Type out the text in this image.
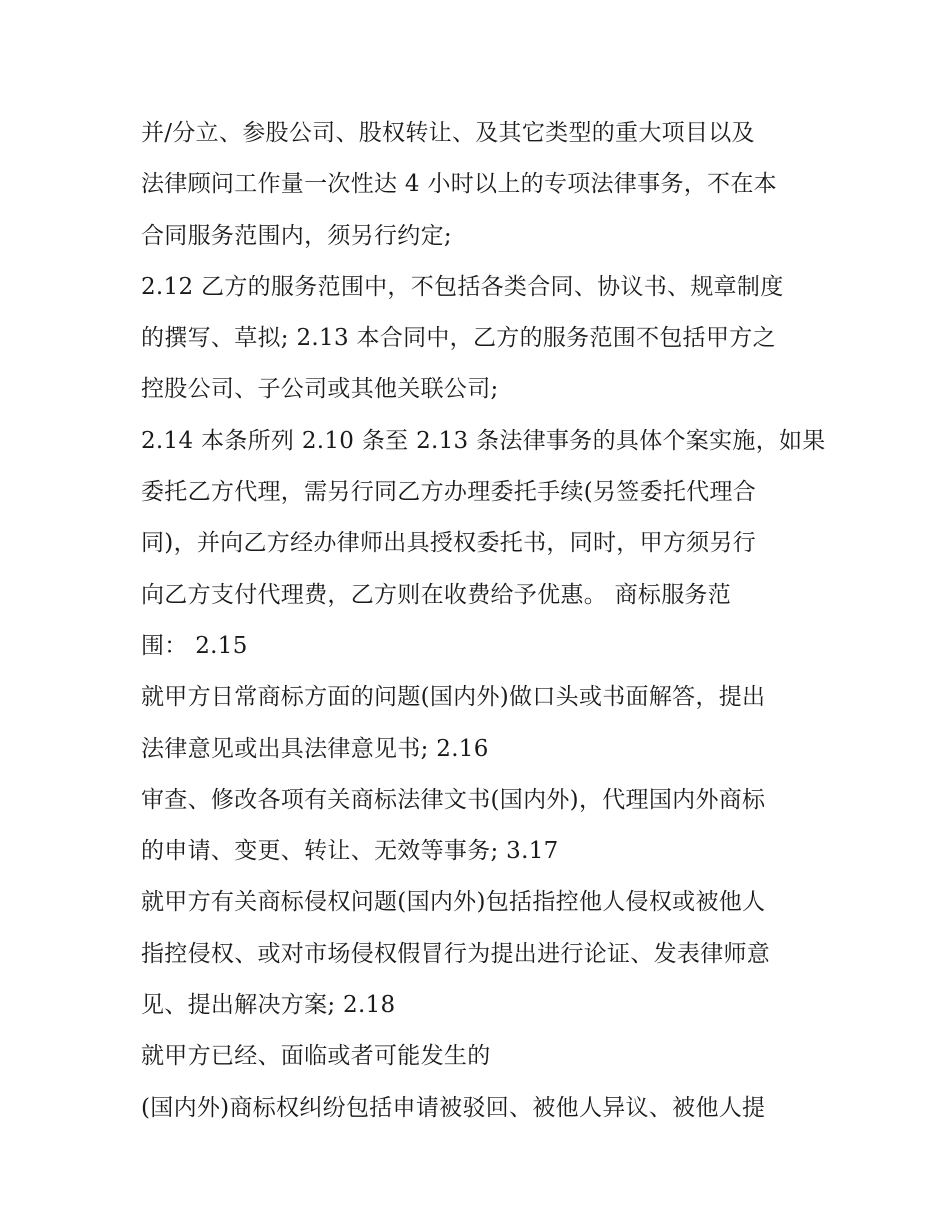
并/分立、参股公司、股权转让、及其它类型的重大项目以及
法律顾问工作量一次性达 4 小时以上的专项法律事务，不在本
合同服务范围内，须另行约定;
2.12 乙方的服务范围中，不包括各类合同、协议书、规章制度
的撰写、草拟; 2.13 本合同中，乙方的服务范围不包括甲方之
控股公司、子公司或其他关联公司;
2.14 本条所列 2.10 条至 2.13 条法律事务的具体个案实施，如果
委托乙方代理，需另行同乙方办理委托手续(另签委托代理合
同)，并向乙方经办律师出具授权委托书，同时，甲方须另行
向乙方支付代理费，乙方则在收费给予优惠。 商标服务范
围： 2.15
就甲方日常商标方面的问题(国内外)做口头或书面解答，提出
法律意见或出具法律意见书; 2.16
审查、修改各项有关商标法律文书(国内外)，代理国内外商标
的申请、变更、转让、无效等事务; 3.17
就甲方有关商标侵权问题(国内外)包括指控他人侵权或被他人
指控侵权、或对市场侵权假冒行为提出进行论证、发表律师意
见、提出解决方案; 2.18
就甲方已经、面临或者可能发生的
(国内外)商标权纠纷包括申请被驳回、被他人异议、被他人提
